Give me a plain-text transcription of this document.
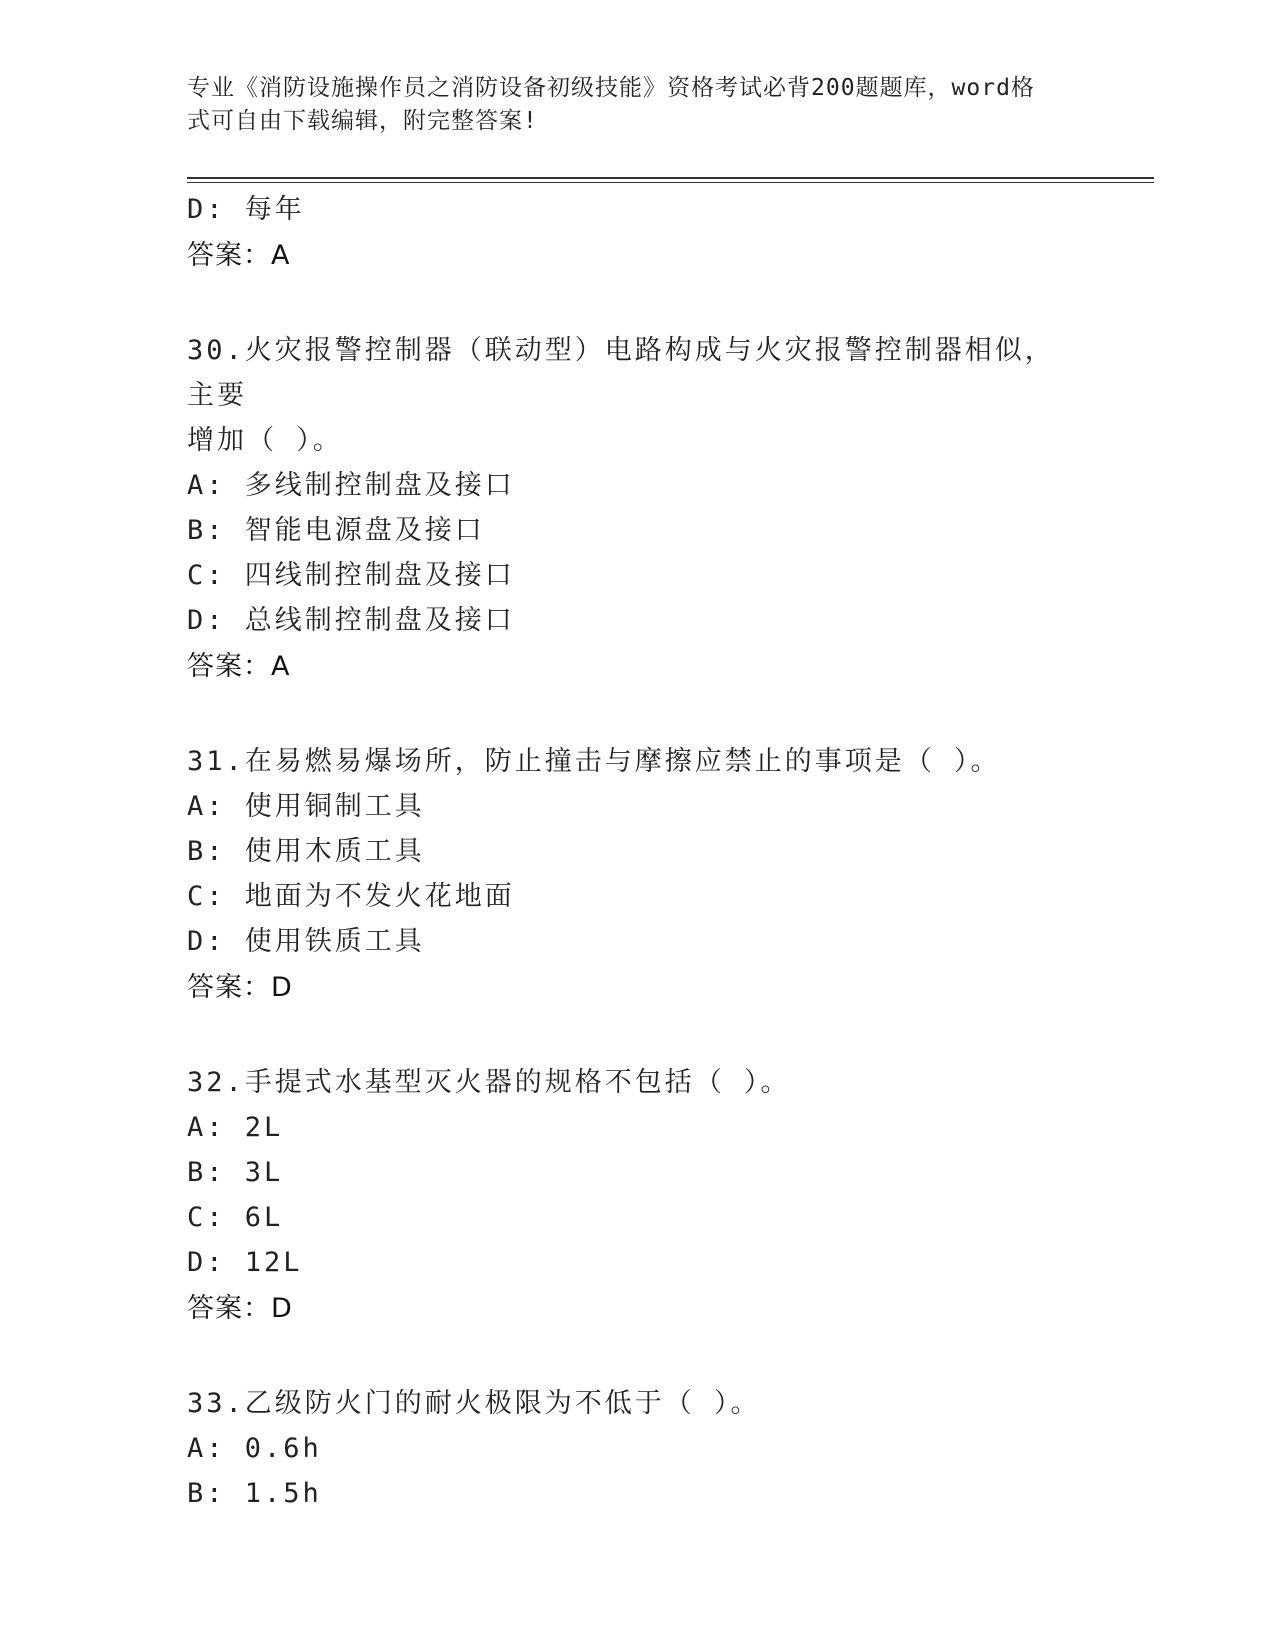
专业《消防设施操作员之消防设备初级技能》资格考试必背200题题库，word格
式可自由下载编辑，附完整答案!
D: 每年
答案：A
30.火灾报警控制器（联动型）电路构成与火灾报警控制器相似，主要
增加（ ）。
A: 多线制控制盘及接口
B: 智能电源盘及接口
C: 四线制控制盘及接口
D: 总线制控制盘及接口
答案：A
31.在易燃易爆场所，防止撞击与摩擦应禁止的事项是（ ）。
A: 使用铜制工具
B: 使用木质工具
C: 地面为不发火花地面
D: 使用铁质工具
答案：D
32.手提式水基型灭火器的规格不包括（ ）。
A: 2L
B: 3L
C: 6L
D: 12L
答案：D
33.乙级防火门的耐火极限为不低于（ ）。
A: 0.6h
B: 1.5h
